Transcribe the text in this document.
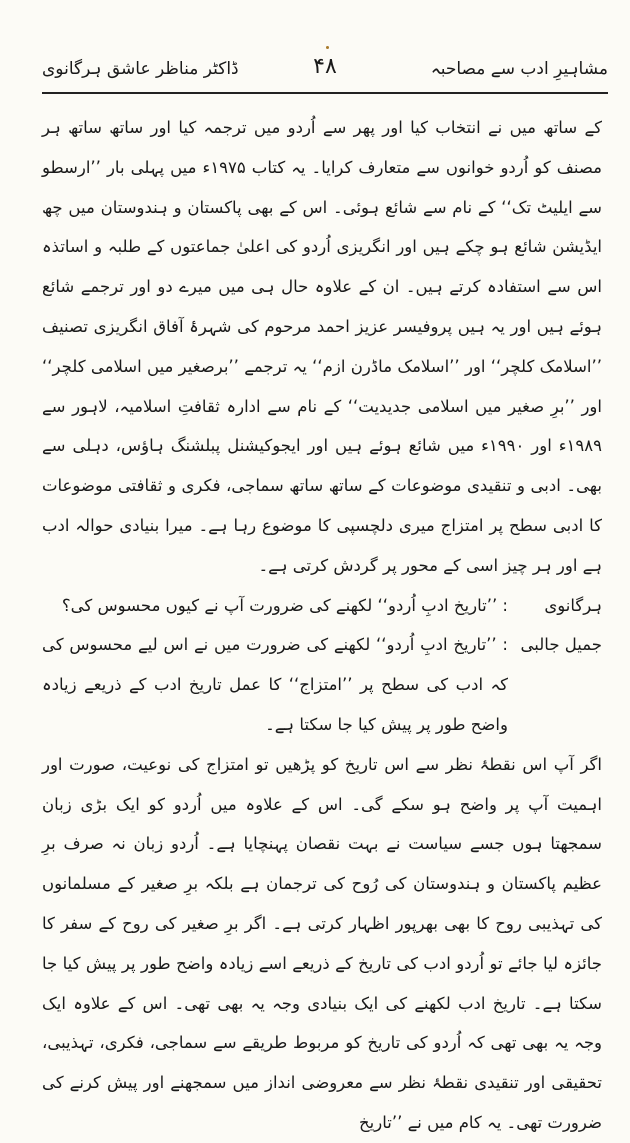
مشاہیرِ ادب سے مصاحبہ
۴۸
ڈاکٹر مناظر عاشق ہرگانوی

کے ساتھ میں نے انتخاب کیا اور پھر سے اُردو میں ترجمہ کیا اور ساتھ ساتھ ہر مصنف کو اُردو خوانوں سے متعارف کرایا۔ یہ کتاب ۱۹۷۵ء میں پہلی بار ’’ارسطو سے ایلیٹ تک‘‘ کے نام سے شائع ہوئی۔ اس کے بھی پاکستان و ہندوستان میں چھ ایڈیشن شائع ہو چکے ہیں اور انگریزی اُردو کی اعلیٰ جماعتوں کے طلبہ و اساتذہ اس سے استفادہ کرتے ہیں۔ ان کے علاوہ حال ہی میں میرے دو اور ترجمے شائع ہوئے ہیں اور یہ ہیں پروفیسر عزیز احمد مرحوم کی شہرۂ آفاق انگریزی تصنیف ’’اسلامک کلچر‘‘ اور ’’اسلامک ماڈرن ازم‘‘ یہ ترجمے ’’برصغیر میں اسلامی کلچر‘‘ اور ’’برِ صغیر میں اسلامی جدیدیت‘‘ کے نام سے ادارہ ثقافتِ اسلامیہ، لاہور سے ۱۹۸۹ء اور ۱۹۹۰ء میں شائع ہوئے ہیں اور ایجوکیشنل پبلشنگ ہاؤس، دہلی سے بھی۔ ادبی و تنقیدی موضوعات کے ساتھ ساتھ سماجی، فکری و ثقافتی موضوعات کا ادبی سطح پر امتزاج میری دلچسپی کا موضوع رہا ہے۔ میرا بنیادی حوالہ ادب ہے اور ہر چیز اسی کے محور پر گردش کرتی ہے۔

ہرگانوی
: ’’تاریخ ادبِ اُردو‘‘ لکھنے کی ضرورت آپ نے کیوں محسوس کی؟
جمیل جالبی
: ’’تاریخ ادبِ اُردو‘‘ لکھنے کی ضرورت میں نے اس لیے محسوس کی کہ ادب کی سطح پر ’’امتزاج‘‘ کا عمل تاریخ ادب کے ذریعے زیادہ واضح طور پر پیش کیا جا سکتا ہے۔

اگر آپ اس نقطۂ نظر سے اس تاریخ کو پڑھیں تو امتزاج کی نوعیت، صورت اور اہمیت آپ پر واضح ہو سکے گی۔ اس کے علاوہ میں اُردو کو ایک بڑی زبان سمجھتا ہوں جسے سیاست نے بہت نقصان پہنچایا ہے۔ اُردو زبان نہ صرف برِ عظیم پاکستان و ہندوستان کی رُوح کی ترجمان ہے بلکہ برِ صغیر کے مسلمانوں کی تہذیبی روح کا بھی بھرپور اظہار کرتی ہے۔ اگر برِ صغیر کی روح کے سفر کا جائزہ لیا جائے تو اُردو ادب کی تاریخ کے ذریعے اسے زیادہ واضح طور پر پیش کیا جا سکتا ہے۔ تاریخ ادب لکھنے کی ایک بنیادی وجہ یہ بھی تھی۔ اس کے علاوہ ایک وجہ یہ بھی تھی کہ اُردو کی تاریخ کو مربوط طریقے سے سماجی، فکری، تہذیبی، تحقیقی اور تنقیدی نقطۂ نظر سے معروضی انداز میں سمجھنے اور پیش کرنے کی ضرورت تھی۔ یہ کام میں نے ’’تاریخ
